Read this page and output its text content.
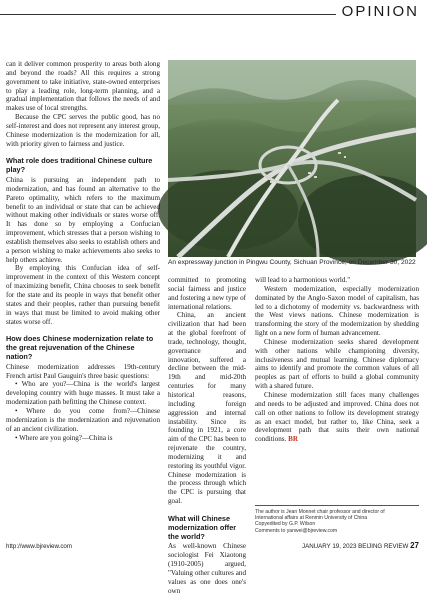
OPINION
An expressway junction in Pingwu County, Sichuan Province, on December 30, 2022

can it deliver common prosperity to areas both along and beyond the roads? All this requires a strong government to take initiative, state-owned enterprises to play a leading role, long-term planning, and a gradual implementation that follows the needs of and makes use of local strengths.

Because the CPC serves the public good, has no self-interest and does not represent any interest group, Chinese modernization is the modernization for all, with priority given to fairness and justice.

What role does traditional Chinese culture play?

China is pursuing an independent path to modernization, and has found an alternative to the Pareto optimality, which refers to the maximum benefit to an individual or state that can be achieved without making other individuals or states worse off. It has done so by employing a Confucian improvement, which stresses that a person wishing to establish themselves also seeks to establish others and a person wishing to make achievements also seeks to help others achieve.

By employing this Confucian idea of self-improvement in the context of this Western concept of maximizing benefit, China chooses to seek benefit for the state and its people in ways that benefit other states and their peoples, rather than pursuing benefit in ways that must be limited to avoid making other states worse off.

How does Chinese modernization relate to the great rejuvenation of the Chinese nation?

Chinese modernization addresses 19th-century French artist Paul Gauguin's three basic questions:

• Who are you?—China is the world's largest developing country with huge masses. It must take a modernization path befitting the Chinese context.

• Where do you come from?—Chinese modernization is the modernization and rejuvenation of an ancient civilization.

• Where are you going?—China is

committed to promoting social fairness and justice and fostering a new type of international relations.

China, an ancient civilization that had been at the global forefront of trade, technology, thought, governance and innovation, suffered a decline between the mid-19th and mid-20th centuries for many historical reasons, including foreign aggression and internal instability. Since its founding in 1921, a core aim of the CPC has been to rejuvenate the country, modernizing it and restoring its youthful vigor. Chinese modernization is the process through which the CPC is pursuing that goal.

What will Chinese modernization offer the world?

As well-known Chinese sociologist Fei Xiaotong (1910-2005) argued, "Valuing other cultures and values as one does one's own

will lead to a harmonious world."

Western modernization, especially modernization dominated by the Anglo-Saxon model of capitalism, has led to a dichotomy of modernity vs. backwardness with the West views nations. Chinese modernization is transforming the story of the modernization by shedding light on a new form of human advancement.

Chinese modernization seeks shared development with other nations while championing diversity, inclusiveness and mutual learning. Chinese diplomacy aims to identify and promote the common values of all peoples as part of efforts to build a global community with a shared future.

Chinese modernization still faces many challenges and needs to be adjusted and improved. China does not call on other nations to follow its development strategy as an exact model, but rather to, like China, seek a development path that suits their own national conditions. BR

The author is Jean Monnet chair professor and director of
International affairs at Renmin University of China
Copyedited by G.P. Wilson
Comments to yanwei@bjreview.com
http://www.bjreview.com	JANUARY 19, 2023 BEIJING REVIEW 27
